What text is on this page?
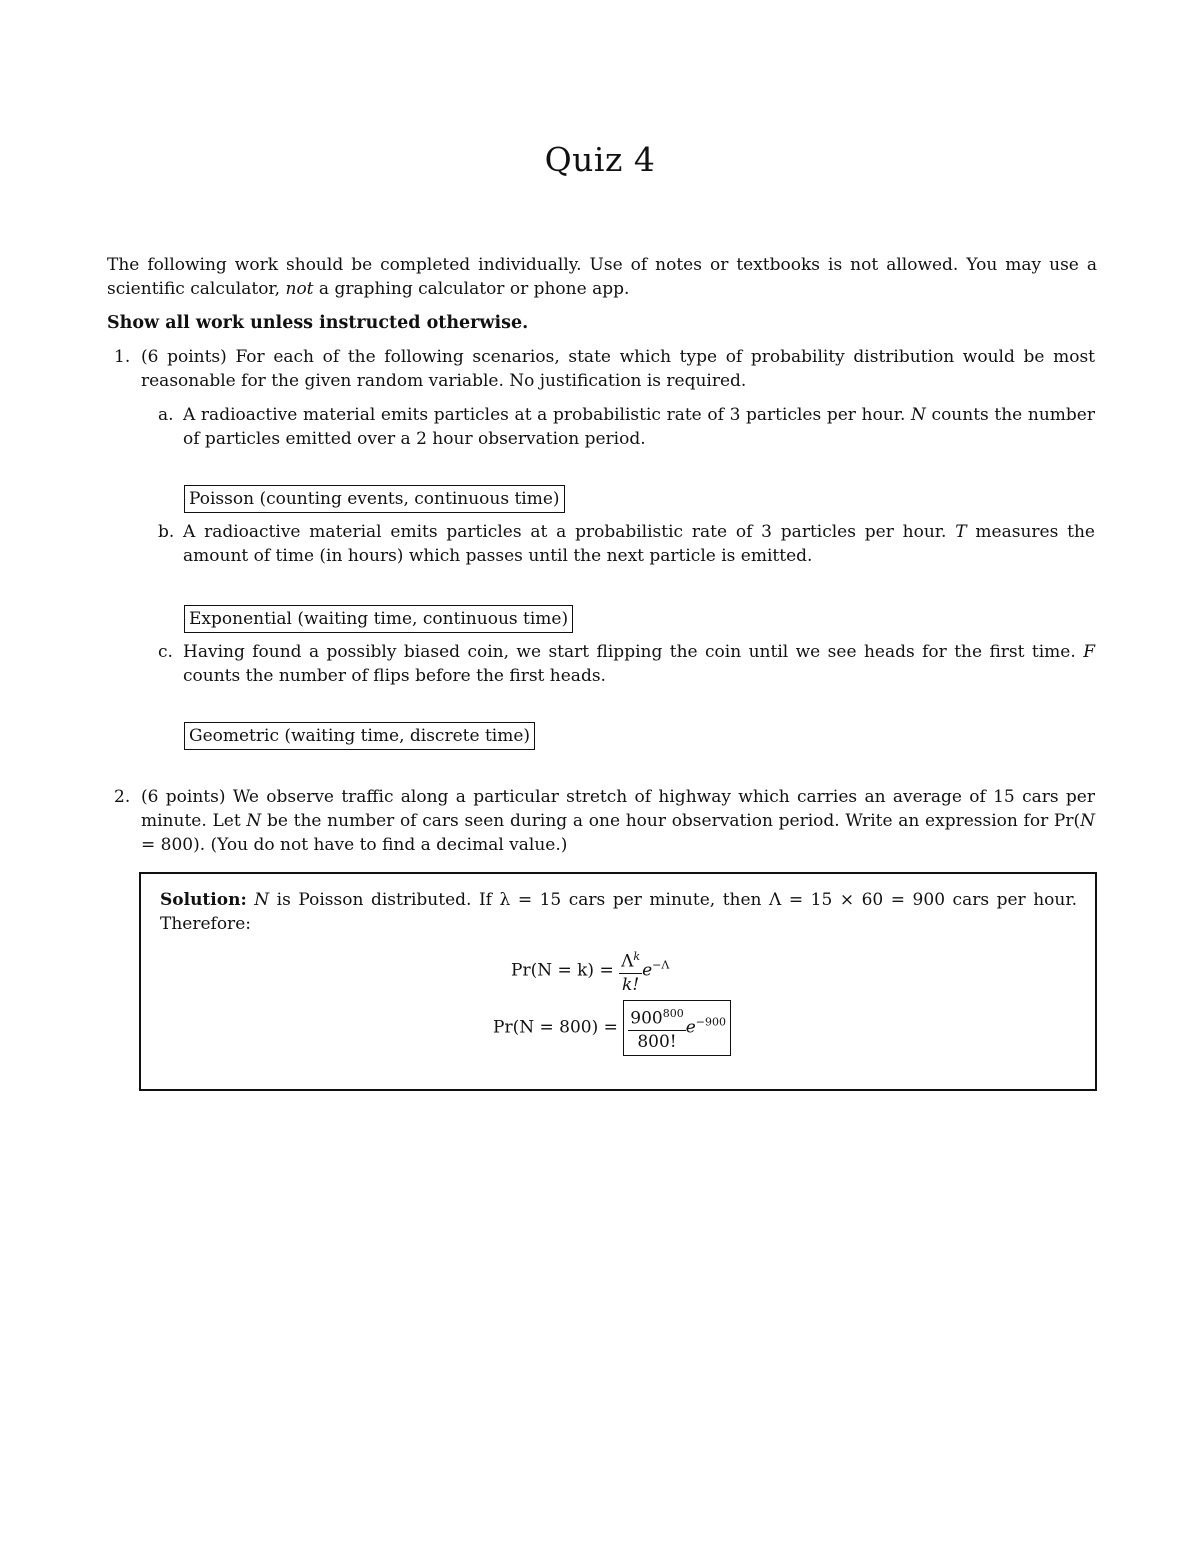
Quiz 4
The following work should be completed individually. Use of notes or textbooks is not allowed. You may use a scientific calculator, not a graphing calculator or phone app.
Show all work unless instructed otherwise.
1. (6 points) For each of the following scenarios, state which type of probability distribution would be most reasonable for the given random variable. No justification is required.
a. A radioactive material emits particles at a probabilistic rate of 3 particles per hour. N counts the number of particles emitted over a 2 hour observation period.
Poisson (counting events, continuous time)
b. A radioactive material emits particles at a probabilistic rate of 3 particles per hour. T measures the amount of time (in hours) which passes until the next particle is emitted.
Exponential (waiting time, continuous time)
c. Having found a possibly biased coin, we start flipping the coin until we see heads for the first time. F counts the number of flips before the first heads.
Geometric (waiting time, discrete time)
2. (6 points) We observe traffic along a particular stretch of highway which carries an average of 15 cars per minute. Let N be the number of cars seen during a one hour observation period. Write an expression for Pr(N = 800). (You do not have to find a decimal value.)
Solution: N is Poisson distributed. If λ = 15 cars per minute, then Λ = 15 × 60 = 900 cars per hour. Therefore:
$Pr(N = k) = \frac{\Lambda^k}{k!} e^{-\Lambda}$
$Pr(N = 800) = \frac{900^{800}}{800!} e^{-900}$
